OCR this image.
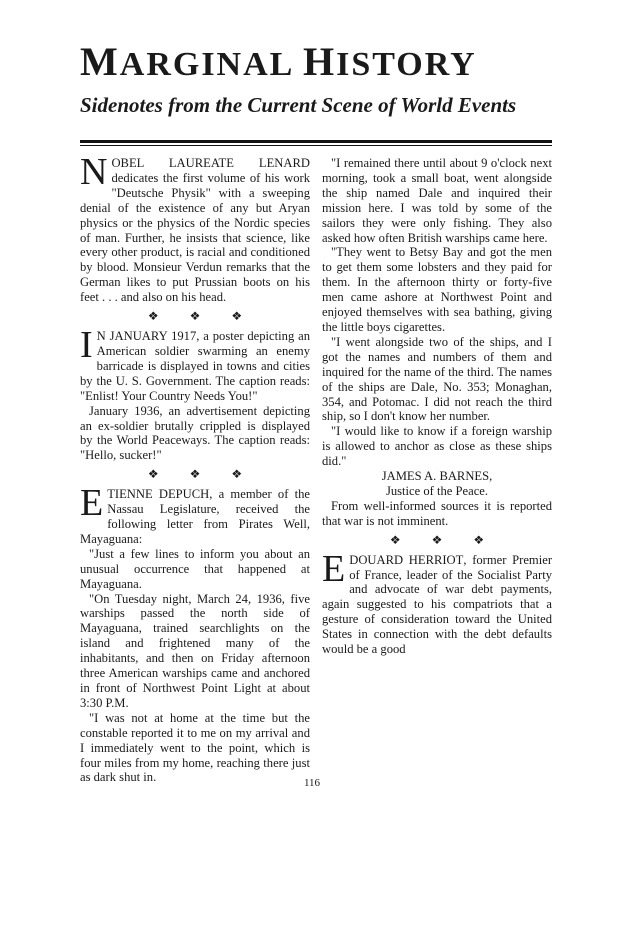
MARGINAL HISTORY
Sidenotes from the Current Scene of World Events

NOBEL LAUREATE LENARD dedicates the first volume of his work "Deutsche Physik" with a sweeping denial of the existence of any but Aryan physics or the physics of the Nordic species of man. Further, he insists that science, like every other product, is racial and conditioned by blood. Monsieur Verdun remarks that the German likes to put Prussian boots on his feet . . . and also on his head.

❖ ❖ ❖

I N JANUARY 1917, a poster depicting an American soldier swarming an enemy barricade is displayed in towns and cities by the U. S. Government. The caption reads: "Enlist! Your Country Needs You!"

January 1936, an advertisement depicting an ex-soldier brutally crippled is displayed by the World Peaceways. The caption reads: "Hello, sucker!"

❖ ❖ ❖

ETIENNE DEPUCH, a member of the Nassau Legislature, received the following letter from Pirates Well, Mayaguana:

"Just a few lines to inform you about an unusual occurrence that happened at Mayaguana.

"On Tuesday night, March 24, 1936, five warships passed the north side of Mayaguana, trained searchlights on the island and frightened many of the inhabitants, and then on Friday afternoon three American warships came and anchored in front of Northwest Point Light at about 3:30 P.M.

"I was not at home at the time but the constable reported it to me on my arrival and I immediately went to the point, which is four miles from my home, reaching there just as dark shut in.

"I remained there until about 9 o'clock next morning, took a small boat, went alongside the ship named Dale and inquired their mission here. I was told by some of the sailors they were only fishing. They also asked how often British warships came here.

"They went to Betsy Bay and got the men to get them some lobsters and they paid for them. In the afternoon thirty or forty-five men came ashore at Northwest Point and enjoyed themselves with sea bathing, giving the little boys cigarettes.

"I went alongside two of the ships, and I got the names and numbers of them and inquired for the name of the third. The names of the ships are Dale, No. 353; Monaghan, 354, and Potomac. I did not reach the third ship, so I don't know her number.

"I would like to know if a foreign warship is allowed to anchor as close as these ships did."

JAMES A. BARNES,

Justice of the Peace.

From well-informed sources it is reported that war is not imminent.

❖ ❖ ❖

EDOUARD HERRIOT, former Premier of France, leader of the Socialist Party and advocate of war debt payments, again suggested to his compatriots that a gesture of consideration toward the United States in connection with the debt defaults would be a good

116
